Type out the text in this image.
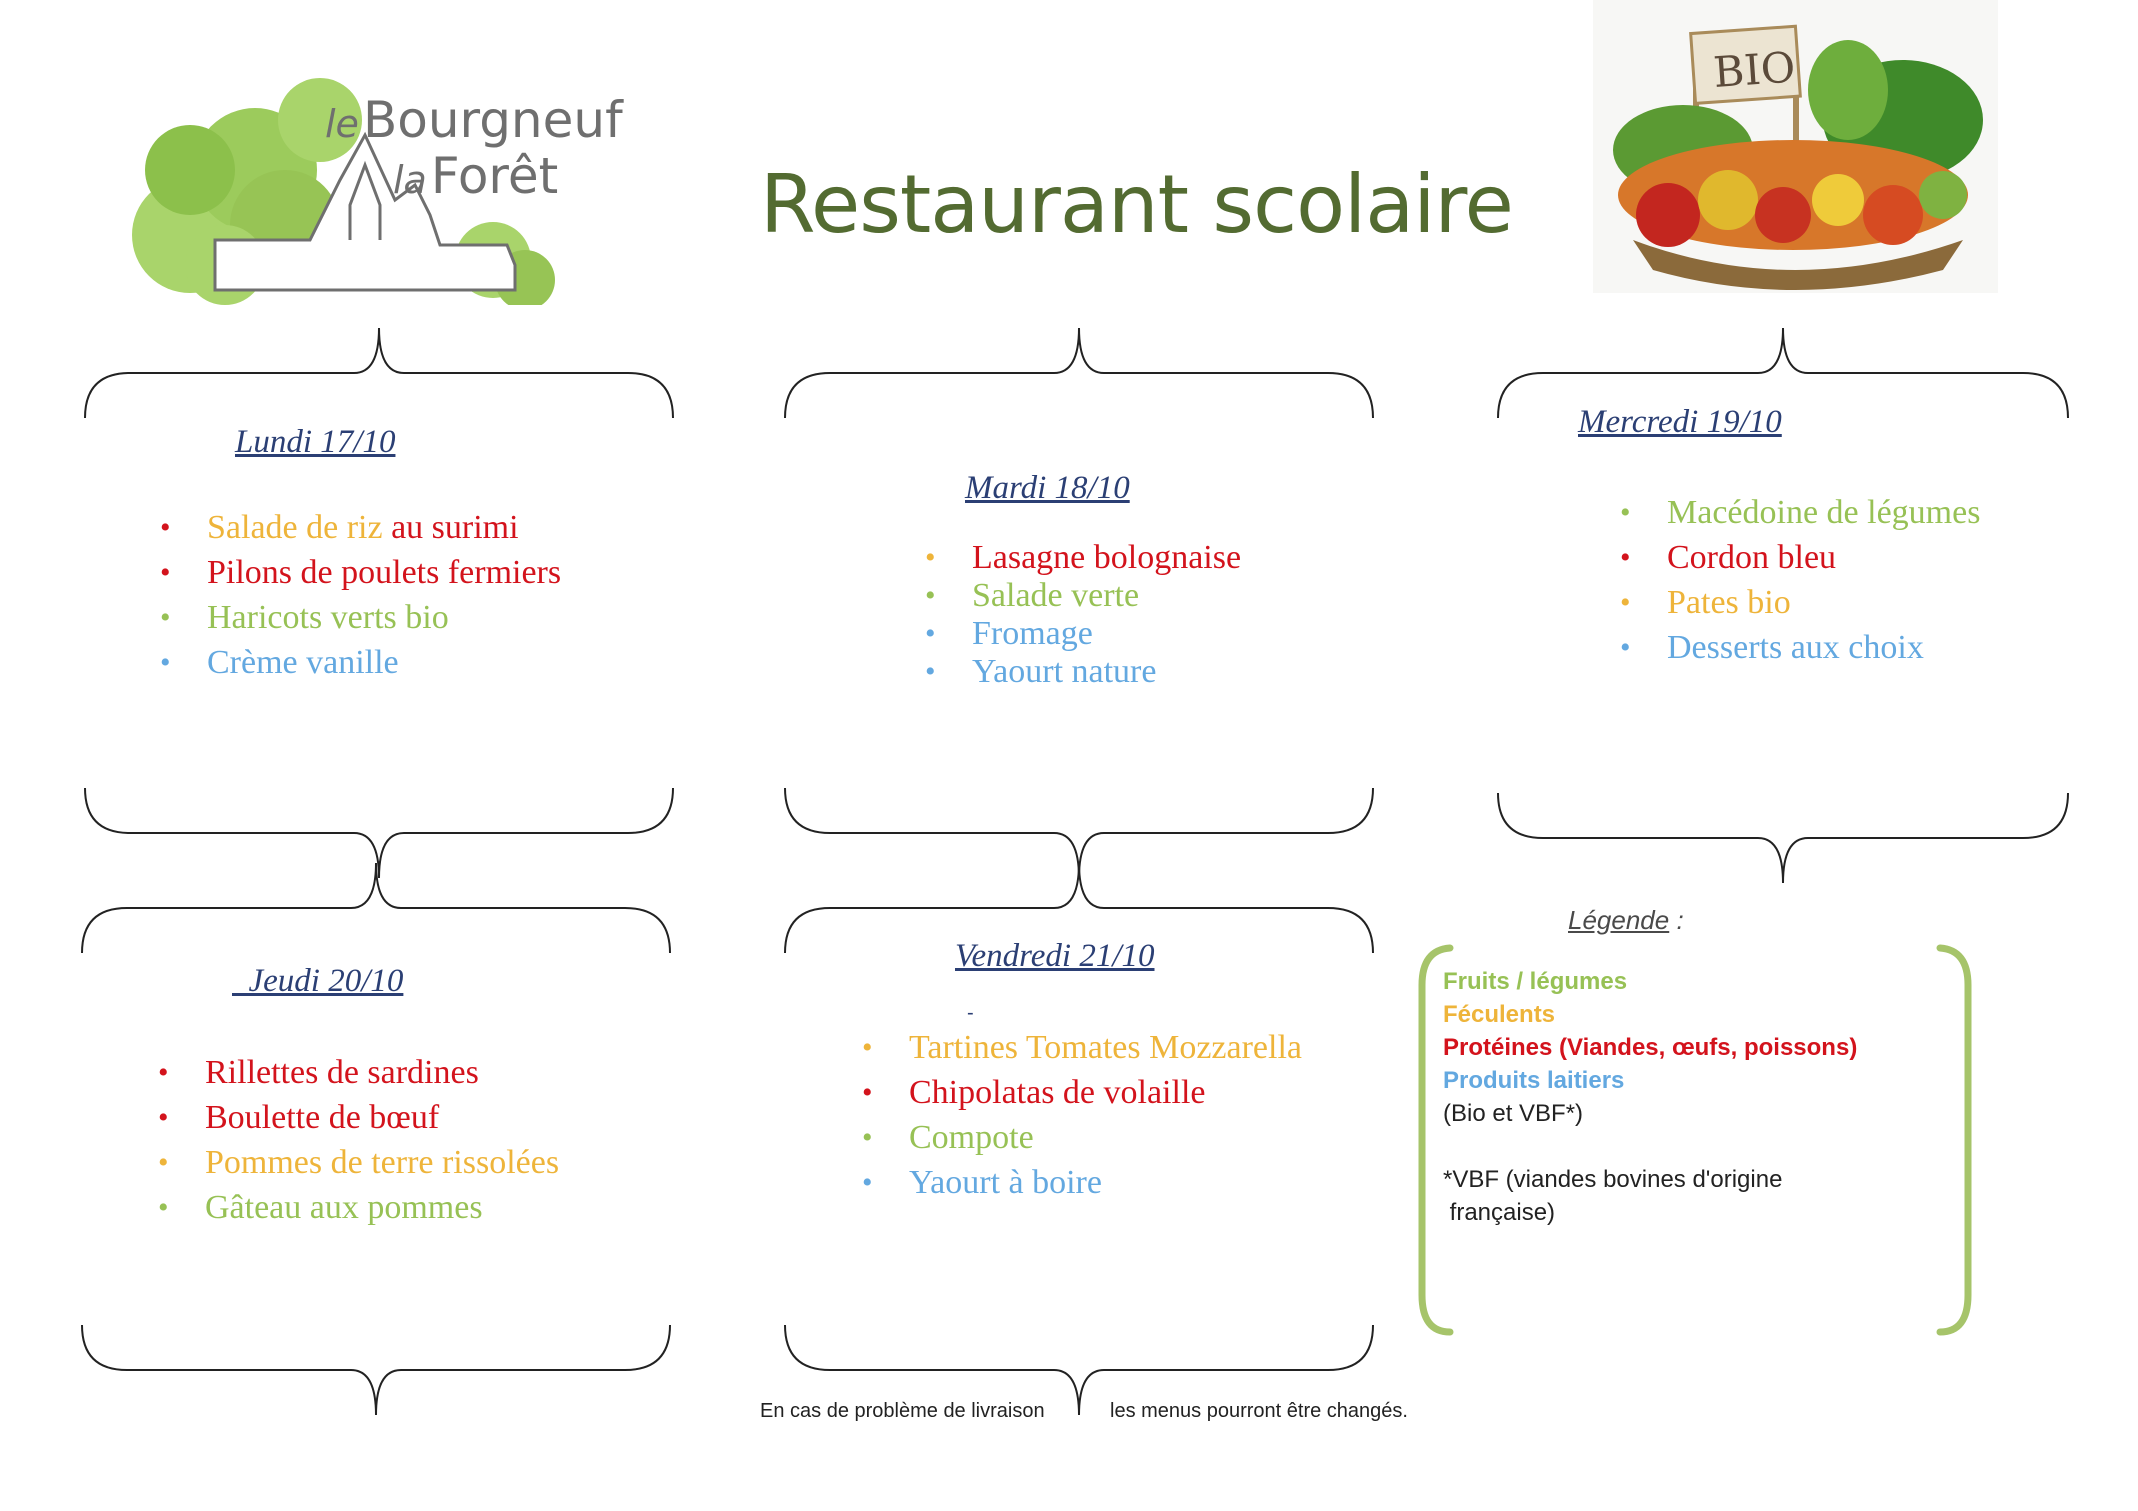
leBourgneuf
laForêt	Restaurant scolaire
BIO
Lundi 17/10
Mardi 18/10
Mercredi 19/10
Jeudi 20/10
Vendredi 21/10
• Salade de riz au surimi
• Pilons de poulets fermiers
• Haricots verts bio
• Crème vanille
• Lasagne bolognaise
• Salade verte
• Fromage
• Yaourt nature
• Macédoine de légumes
• Cordon bleu
• Pates bio
• Desserts aux choix
• Rillettes de sardines
• Boulette de bœuf
• Pommes de terre rissolées
• Gâteau aux pommes
• Tartines Tomates Mozzarella
• Chipolatas de volaille
• Compote
• Yaourt à boire
-
Légende :
Fruits / légumes
Féculents
Protéines (Viandes, œufs, poissons)
Produits laitiers
(Bio et VBF*)
*VBF (viandes bovines d'origine
française)
En cas de problème de livraison	les menus pourront être changés.
